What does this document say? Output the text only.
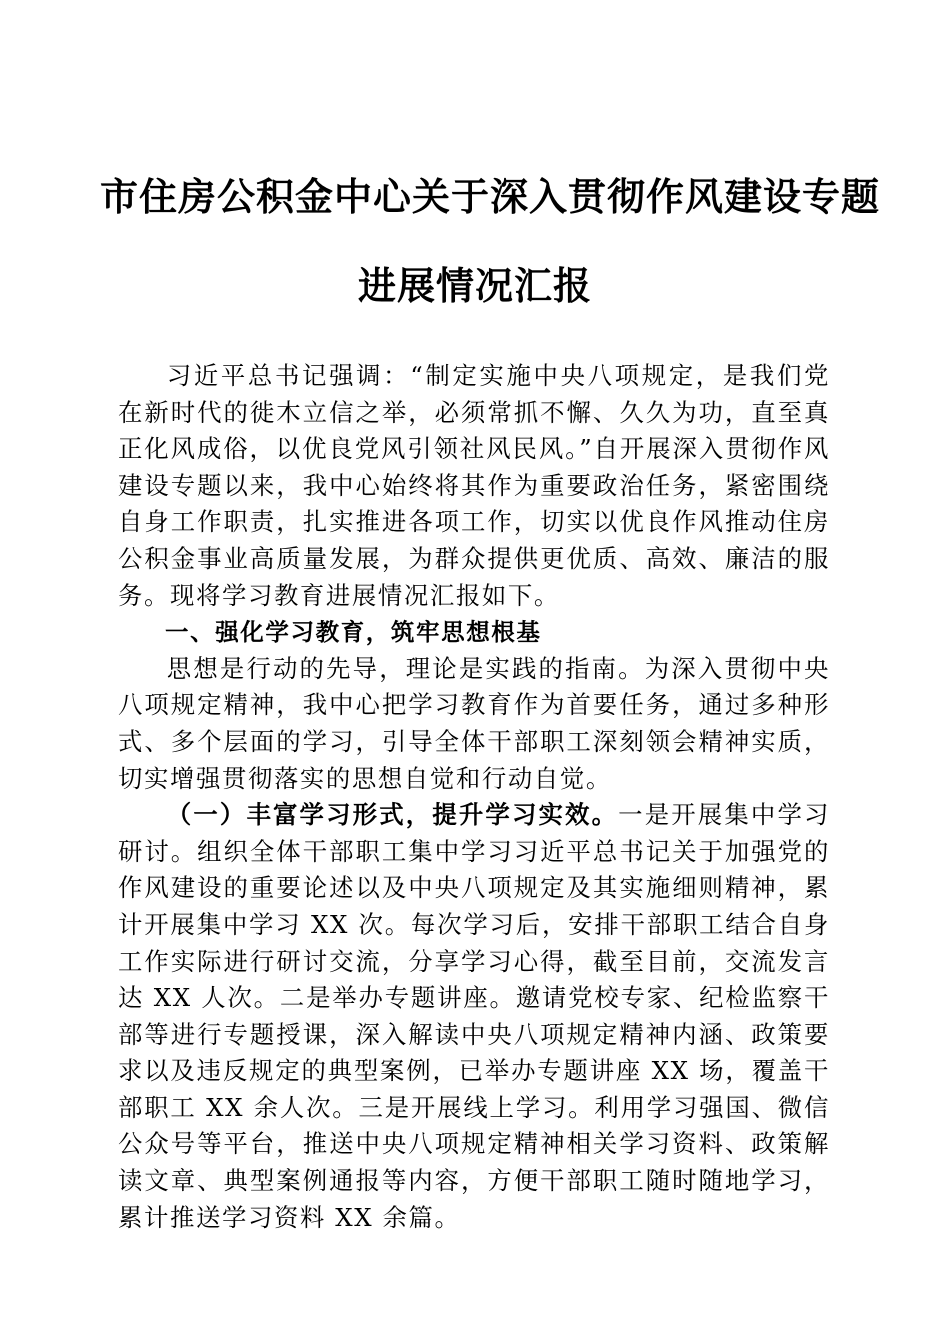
市住房公积金中心关于深入贯彻作风建设专题
进展情况汇报

习近平总书记强调：“制定实施中央八项规定，是我们党在新时代的徙木立信之举，必须常抓不懈、久久为功，直至真正化风成俗，以优良党风引领社风民风。”自开展深入贯彻作风建设专题以来，我中心始终将其作为重要政治任务，紧密围绕自身工作职责，扎实推进各项工作，切实以优良作风推动住房公积金事业高质量发展，为群众提供更优质、高效、廉洁的服务。现将学习教育进展情况汇报如下。

一、强化学习教育，筑牢思想根基

思想是行动的先导，理论是实践的指南。为深入贯彻中央八项规定精神，我中心把学习教育作为首要任务，通过多种形式、多个层面的学习，引导全体干部职工深刻领会精神实质，切实增强贯彻落实的思想自觉和行动自觉。

（一）丰富学习形式，提升学习实效。一是开展集中学习研讨。组织全体干部职工集中学习习近平总书记关于加强党的作风建设的重要论述以及中央八项规定及其实施细则精神，累计开展集中学习 XX 次。每次学习后，安排干部职工结合自身工作实际进行研讨交流，分享学习心得，截至目前，交流发言达 XX 人次。二是举办专题讲座。邀请党校专家、纪检监察干部等进行专题授课，深入解读中央八项规定精神内涵、政策要求以及违反规定的典型案例，已举办专题讲座 XX 场，覆盖干部职工 XX 余人次。三是开展线上学习。利用学习强国、微信公众号等平台，推送中央八项规定精神相关学习资料、政策解读文章、典型案例通报等内容，方便干部职工随时随地学习，累计推送学习资料 XX 余篇。
